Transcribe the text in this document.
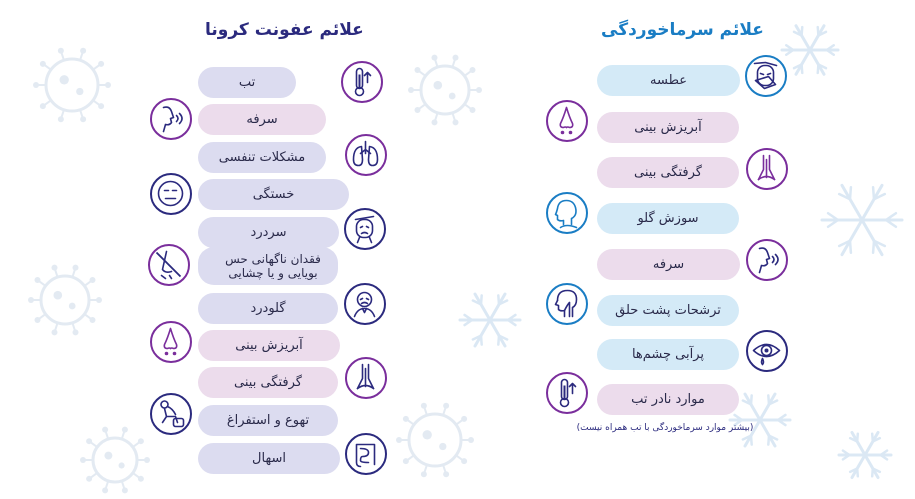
علائم عفونت کرونا	علائم سرماخوردگی
تب
سرفه
مشکلات تنفسی
خستگی
سردرد
فقدان ناگهانی حس بویایی و یا چشایی
گلودرد
آبریزش بینی
گرفتگی بینی
تهوع و استفراغ
اسهال
عطسه
آبریزش بینی
گرفتگی بینی
سوزش گلو
سرفه
ترشحات پشت حلق
پرآبی چشم‌ها
موارد نادر تب
(بیشتر موارد سرماخوردگی با تب همراه نیست)
